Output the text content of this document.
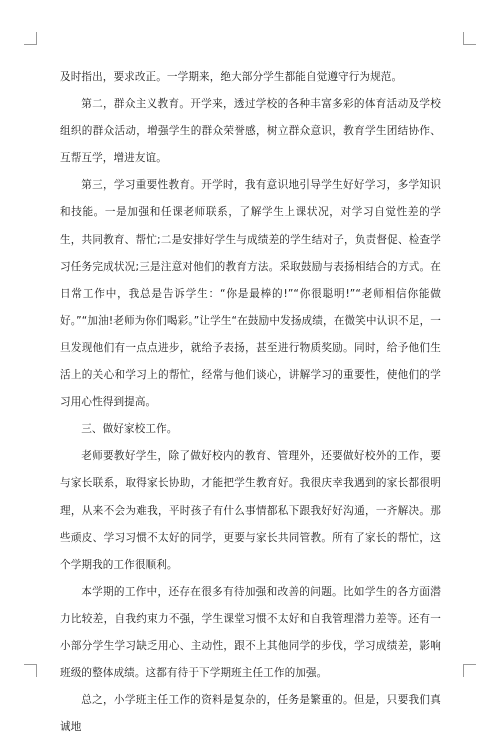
及时指出，要求改正。一学期来，绝大部分学生都能自觉遵守行为规范。

第二，群众主义教育。开学来，透过学校的各种丰富多彩的体育活动及学校组织的群众活动，增强学生的群众荣誉感，树立群众意识，教育学生团结协作、互帮互学，增进友谊。

第三，学习重要性教育。开学时，我有意识地引导学生好好学习，多学知识和技能。一是加强和任课老师联系，了解学生上课状况，对学习自觉性差的学生，共同教育、帮忙;二是安排好学生与成绩差的学生结对子，负责督促、检查学习任务完成状况;三是注意对他们的教育方法。采取鼓励与表扬相结合的方式。在日常工作中，我总是告诉学生：“你是最棒的!”“你很聪明!”“老师相信你能做好。”“加油!老师为你们喝彩。”让学生“在鼓励中发扬成绩，在微笑中认识不足，一旦发现他们有一点点进步，就给予表扬，甚至进行物质奖励。同时，给予他们生活上的关心和学习上的帮忙，经常与他们谈心，讲解学习的重要性，使他们的学习用心性得到提高。

三、做好家校工作。

老师要教好学生，除了做好校内的教育、管理外，还要做好校外的工作，要与家长联系，取得家长协助，才能把学生教育好。我很庆幸我遇到的家长都很明理，从来不会为难我，平时孩子有什么事情都私下跟我好好沟通，一齐解决。那些顽皮、学习习惯不太好的同学，更要与家长共同管教。所有了家长的帮忙，这个学期我的工作很顺利。

本学期的工作中，还存在很多有待加强和改善的问题。比如学生的各方面潜力比较差，自我约束力不强，学生课堂习惯不太好和自我管理潜力差等。还有一小部分学生学习缺乏用心、主动性，跟不上其他同学的步伐，学习成绩差，影响班级的整体成绩。这都有待于下学期班主任工作的加强。

总之，小学班主任工作的资料是复杂的，任务是繁重的。但是，只要我们真诚地
